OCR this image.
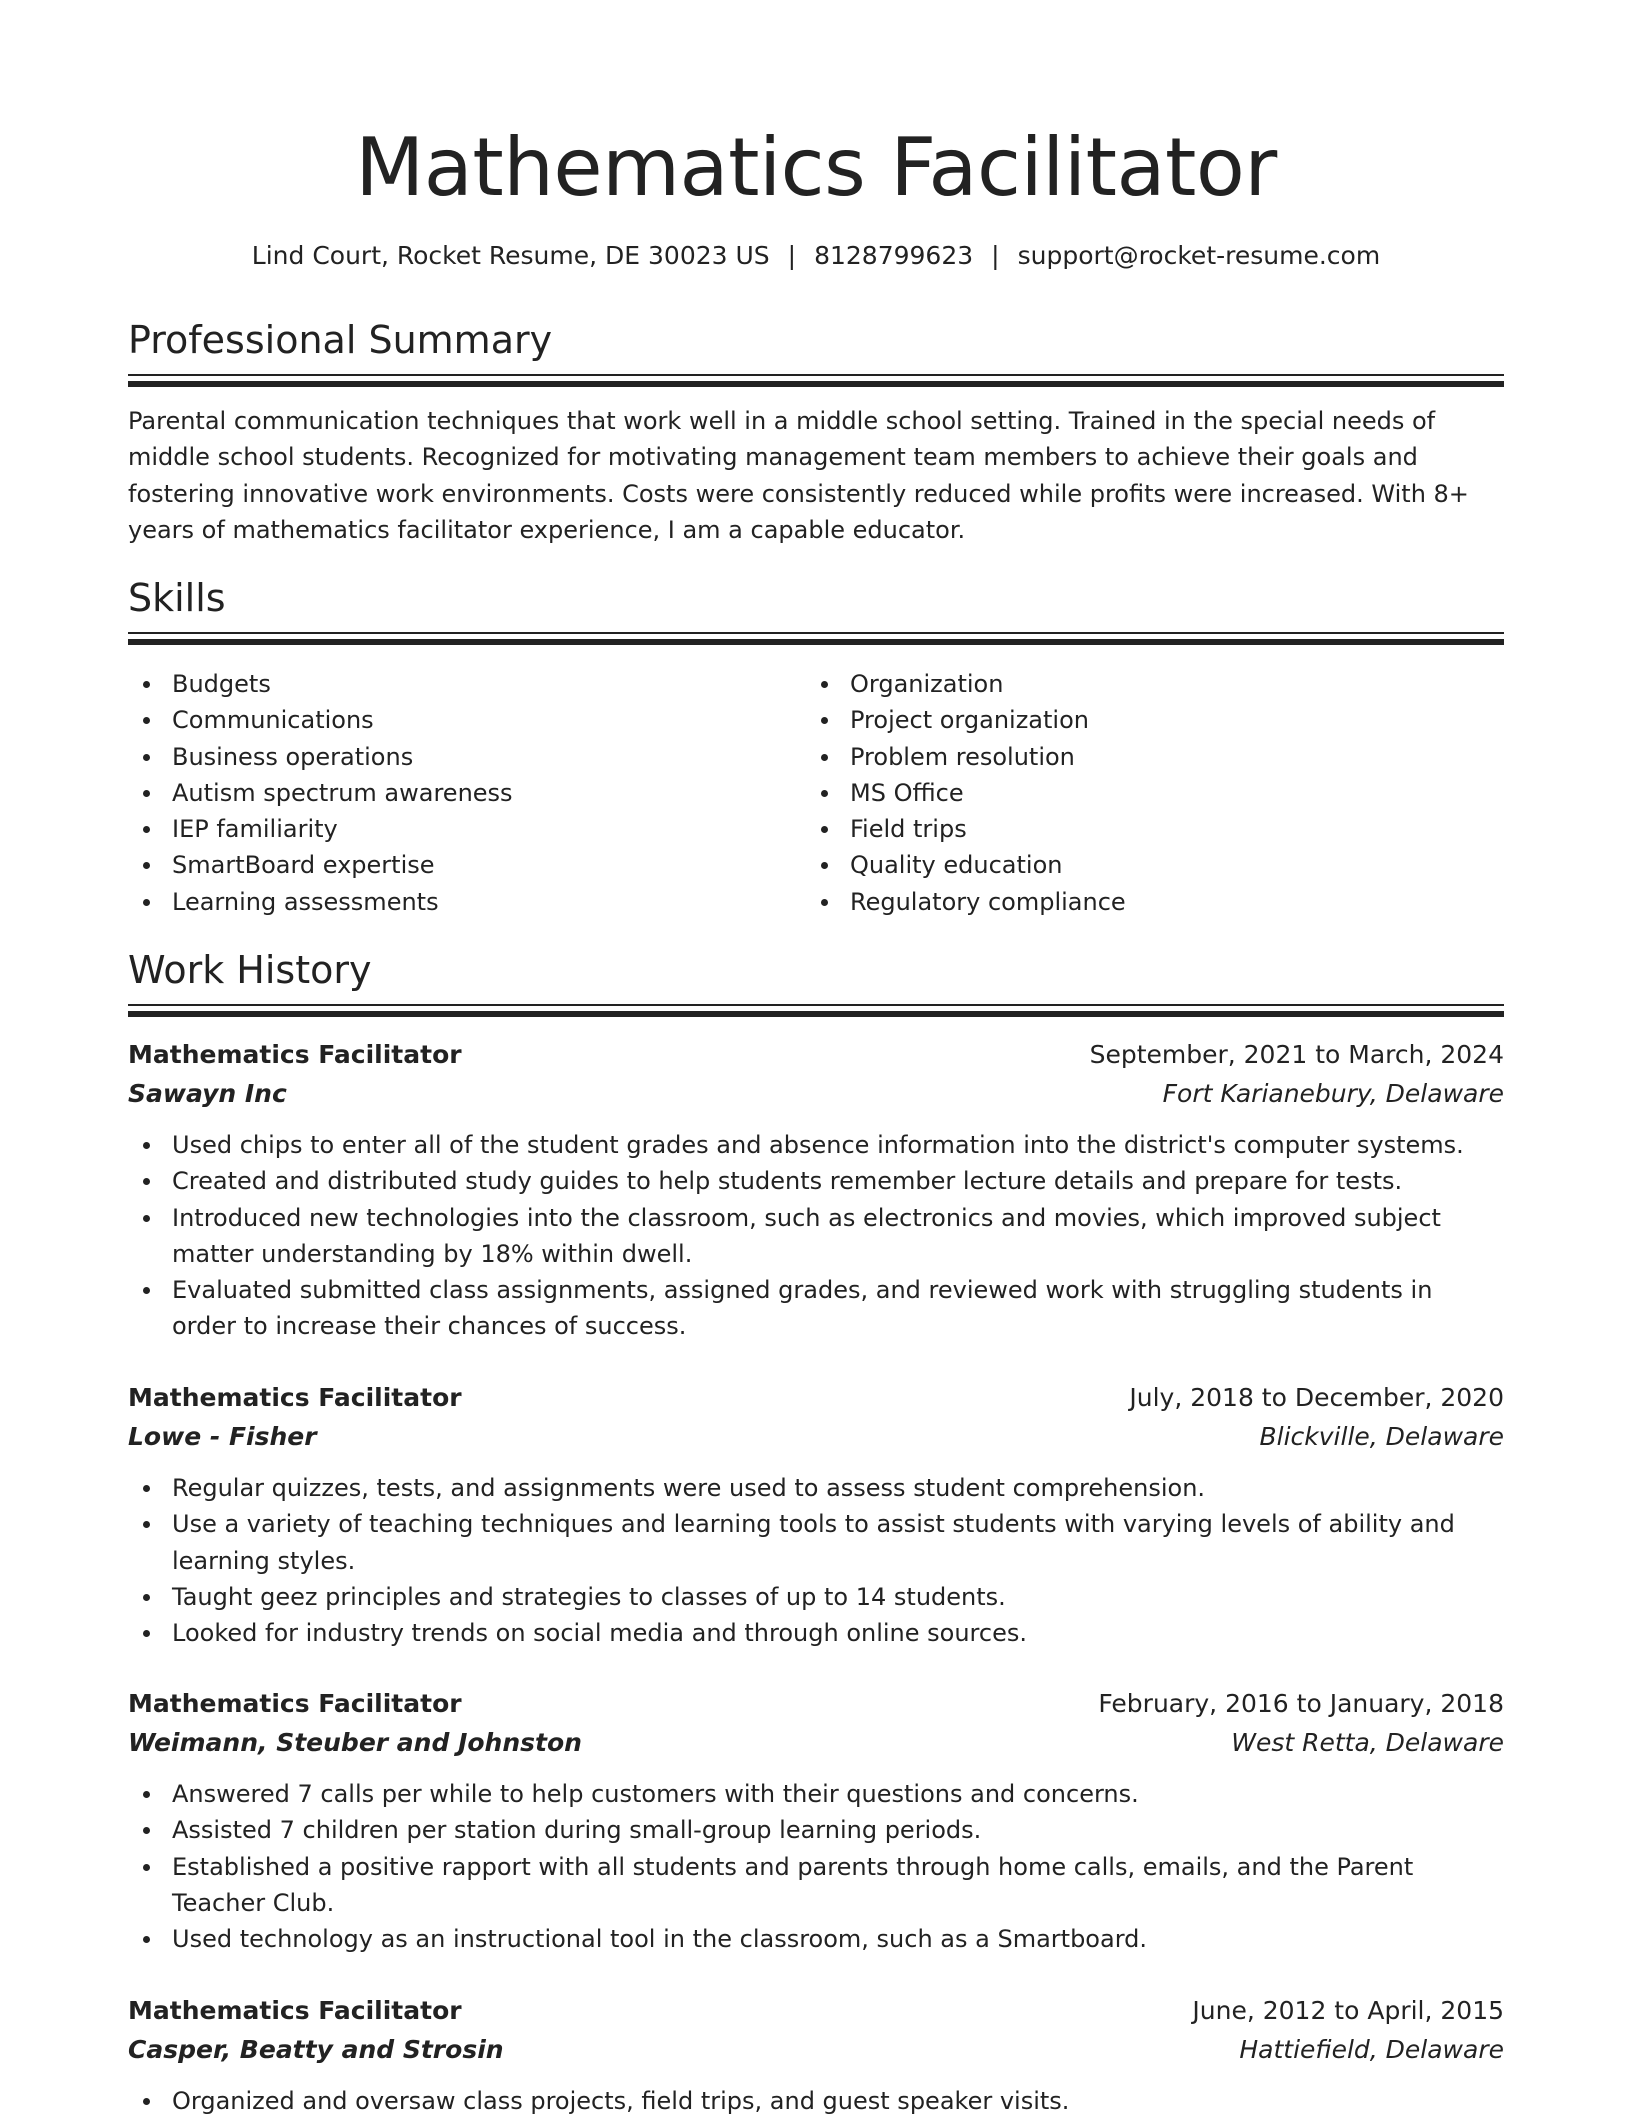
Mathematics Facilitator
Lind Court, Rocket Resume, DE 30023 US | 8128799623 | support@rocket-resume.com
Professional Summary

Parental communication techniques that work well in a middle school setting. Trained in the special needs of middle school students. Recognized for motivating management team members to achieve their goals and fostering innovative work environments. Costs were consistently reduced while profits were increased. With 8+ years of mathematics facilitator experience, I am a capable educator.

Skills
Budgets
Communications
Business operations
Autism spectrum awareness
IEP familiarity
SmartBoard expertise
Learning assessments
Organization
Project organization
Problem resolution
MS Office
Field trips
Quality education
Regulatory compliance
Work History
Mathematics Facilitator	September, 2021 to March, 2024
Sawayn Inc	Fort Karianebury, Delaware
Used chips to enter all of the student grades and absence information into the district's computer systems.
Created and distributed study guides to help students remember lecture details and prepare for tests.
Introduced new technologies into the classroom, such as electronics and movies, which improved subject matter understanding by 18% within dwell.
Evaluated submitted class assignments, assigned grades, and reviewed work with struggling students in order to increase their chances of success.
Mathematics Facilitator	July, 2018 to December, 2020
Lowe - Fisher	Blickville, Delaware
Regular quizzes, tests, and assignments were used to assess student comprehension.
Use a variety of teaching techniques and learning tools to assist students with varying levels of ability and learning styles.
Taught geez principles and strategies to classes of up to 14 students.
Looked for industry trends on social media and through online sources.
Mathematics Facilitator	February, 2016 to January, 2018
Weimann, Steuber and Johnston	West Retta, Delaware
Answered 7 calls per while to help customers with their questions and concerns.
Assisted 7 children per station during small-group learning periods.
Established a positive rapport with all students and parents through home calls, emails, and the Parent Teacher Club.
Used technology as an instructional tool in the classroom, such as a Smartboard.
Mathematics Facilitator	June, 2012 to April, 2015
Casper, Beatty and Strosin	Hattiefield, Delaware
Organized and oversaw class projects, field trips, and guest speaker visits.
